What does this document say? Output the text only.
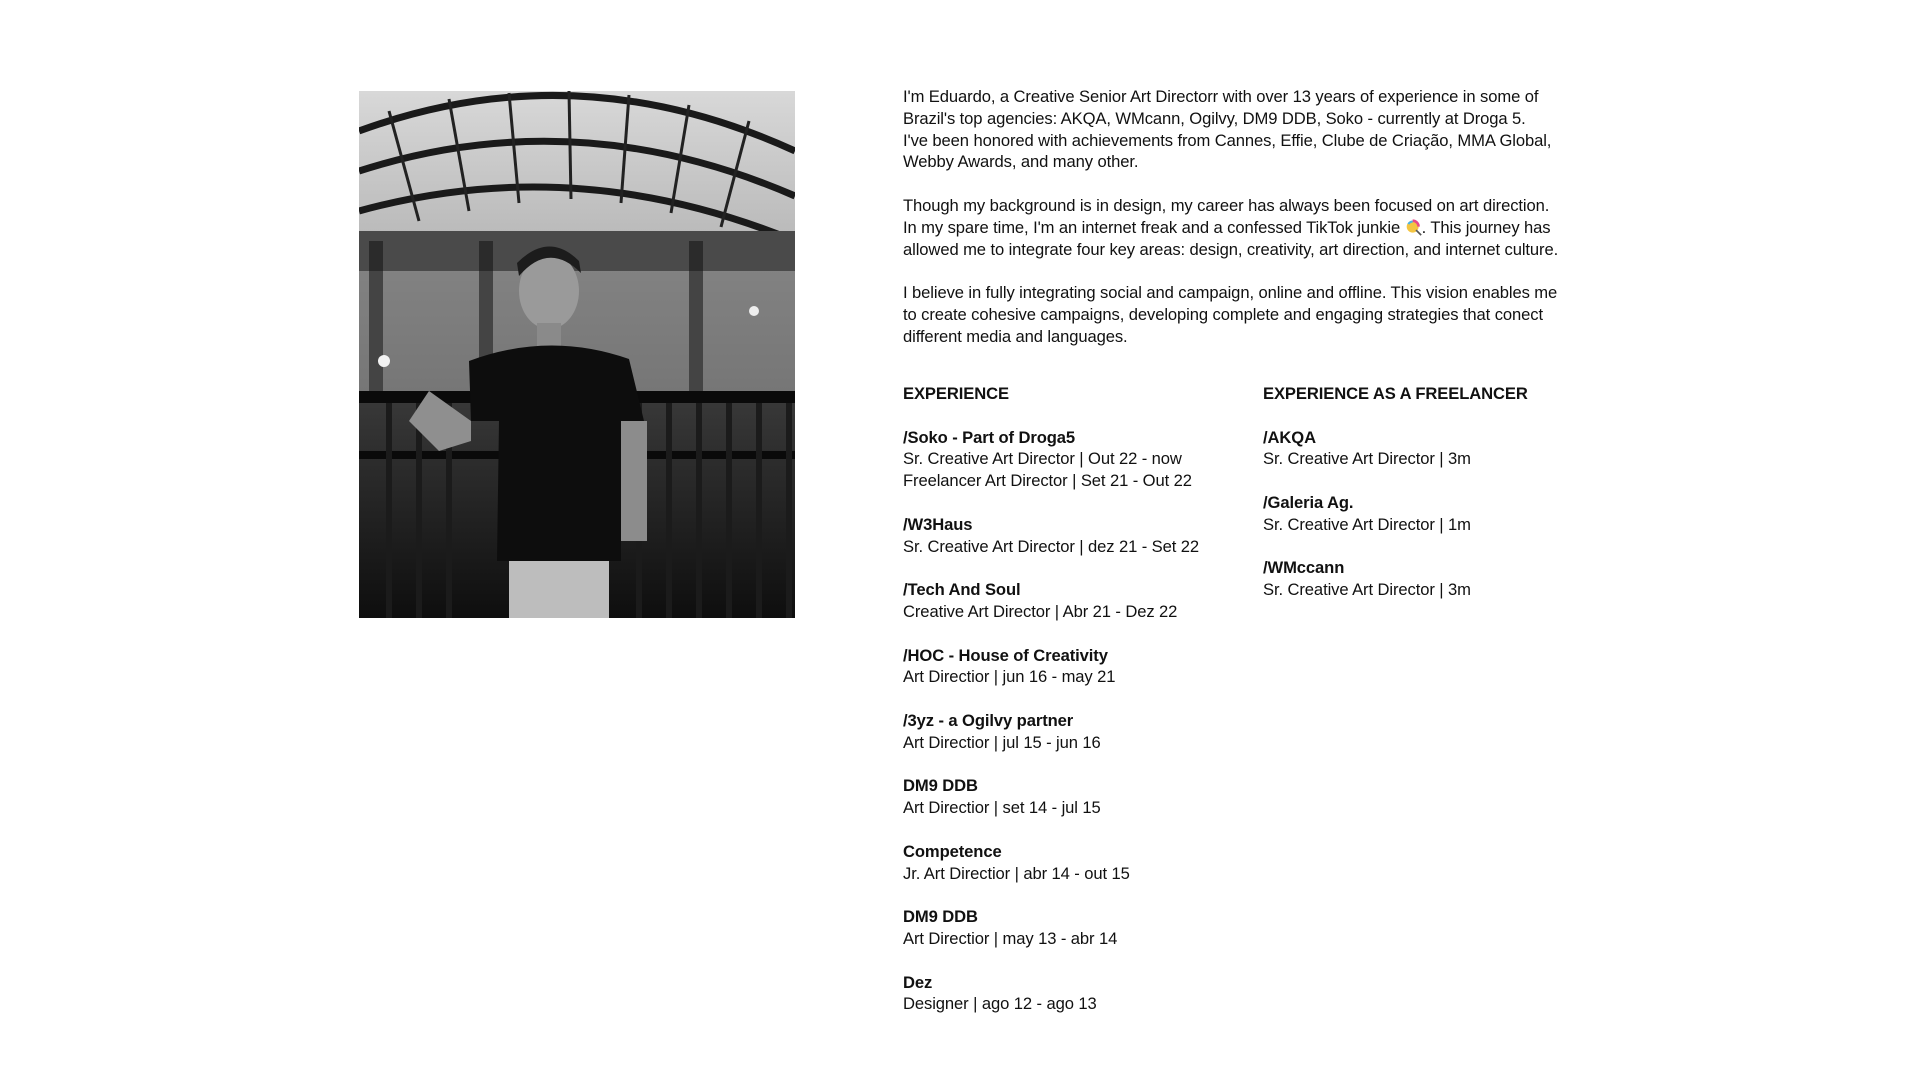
I'm Eduardo, a Creative Senior Art Directorr with over 13 years of experience in some of
Brazil's top agencies: AKQA, WMcann, Ogilvy, DM9 DDB, Soko - currently at Droga 5.
I've been honored with achievements from Cannes, Effie, Clube de Criação, MMA Global,
Webby Awards, and many other.

Though my background is in design, my career has always been focused on art direction.
In my spare time, I'm an internet freak and a confessed TikTok junkie . This journey has
allowed me to integrate four key areas: design, creativity, art direction, and internet culture.

I believe in fully integrating social and campaign, online and offline. This vision enables me
to create cohesive campaigns, developing complete and engaging strategies that conect
different media and languages.

EXPERIENCE
/Soko - Part of Droga5
Sr. Creative Art Director | Out 22 - now
Freelancer Art Director | Set 21 - Out 22
/W3Haus
Sr. Creative Art Director | dez 21 - Set 22
/Tech And Soul
Creative Art Director | Abr 21 - Dez 22
/HOC - House of Creativity
Art Directior | jun 16 - may 21
/3yz - a Ogilvy partner
Art Directior | jul 15 - jun 16
DM9 DDB
Art Directior | set 14 - jul 15
Competence
Jr. Art Directior | abr 14 - out 15
DM9 DDB
Art Directior | may 13 - abr 14
Dez
Designer | ago 12 - ago 13
EXPERIENCE AS A FREELANCER
/AKQA
Sr. Creative Art Director | 3m
/Galeria Ag.
Sr. Creative Art Director | 1m
/WMccann
Sr. Creative Art Director | 3m
